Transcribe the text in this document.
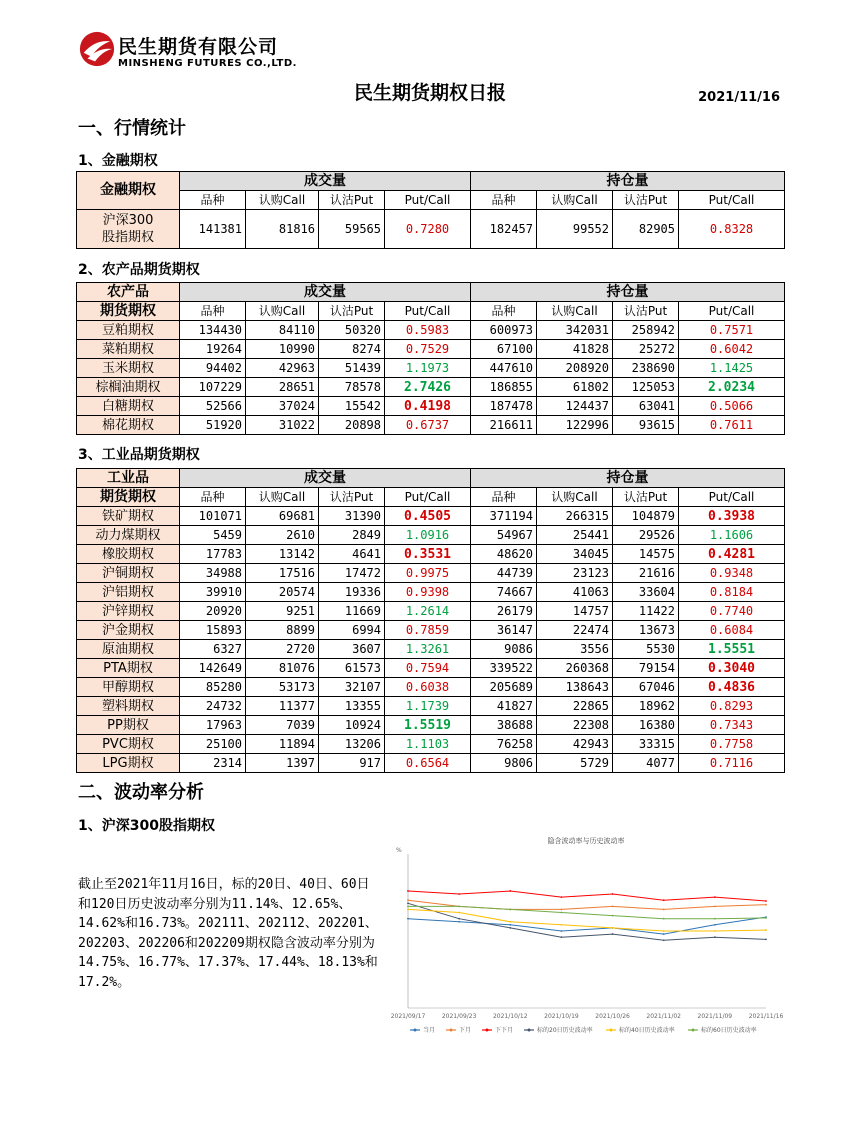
民生期货有限公司
MINSHENG FUTURES CO.,LTD.
民生期货期权日报	2021/11/16
一、行情统计
1、金融期权
金融期权	成交量				持仓量			
	品种	认购Call	认沽Put	Put/Call	品种	认购Call	认沽Put	Put/Call

沪深300
股指期权	141381	81816	59565	0.7280	182457	99552	82905	0.8328
农产品	成交量				持仓量			
期货期权	品种	认购Call	认沽Put	Put/Call	品种	认购Call	认沽Put	Put/Call
豆粕期权	134430	84110	50320	0.5983	600973	342031	258942	0.7571
菜粕期权	19264	10990	8274	0.7529	67100	41828	25272	0.6042
玉米期权	94402	42963	51439	1.1973	447610	208920	238690	1.1425
棕榈油期权	107229	28651	78578	2.7426	186855	61802	125053	2.0234
白糖期权	52566	37024	15542	0.4198	187478	124437	63041	0.5066
棉花期权	51920	31022	20898	0.6737	216611	122996	93615	0.7611
3、工业品期货期权
2、农产品期货期权
工业品	成交量				持仓量			
期货期权	品种	认购Call	认沽Put	Put/Call	品种	认购Call	认沽Put	Put/Call
铁矿期权	101071	69681	31390	0.4505	371194	266315	104879	0.3938
动力煤期权	5459	2610	2849	1.0916	54967	25441	29526	1.1606
橡胶期权	17783	13142	4641	0.3531	48620	34045	14575	0.4281
沪铜期权	34988	17516	17472	0.9975	44739	23123	21616	0.9348
沪铝期权	39910	20574	19336	0.9398	74667	41063	33604	0.8184
沪锌期权	20920	9251	11669	1.2614	26179	14757	11422	0.7740
沪金期权	15893	8899	6994	0.7859	36147	22474	13673	0.6084
原油期权	6327	2720	3607	1.3261	9086	3556	5530	1.5551
PTA期权	142649	81076	61573	0.7594	339522	260368	79154	0.3040
甲醇期权	85280	53173	32107	0.6038	205689	138643	67046	0.4836
塑料期权	24732	11377	13355	1.1739	41827	22865	18962	0.8293
PP期权	17963	7039	10924	1.5519	38688	22308	16380	0.7343
PVC期权	25100	11894	13206	1.1103	76258	42943	33315	0.7758
LPG期权	2314	1397	917	0.6564	9806	5729	4077	0.7116
二、波动率分析
1、沪深300股指期权
截止至2021年11月16日，标的20日、40日、60日和120日历史波动率分别为11.14%、12.65%、14.62%和16.73%。202111、202112、202201、202203、202206和202209期权隐含波动率分别为14.75%、16.77%、17.37%、17.44%、18.13%和17.2%。
隐含波动率与历史波动率
%
2021/09/17	2021/09/23	2021/10/12	2021/10/19	2021/10/26	2021/11/02	2021/11/09	2021/11/16
当月	下月	下下月	标的20日历史波动率	标的40日历史波动率	标的60日历史波动率
